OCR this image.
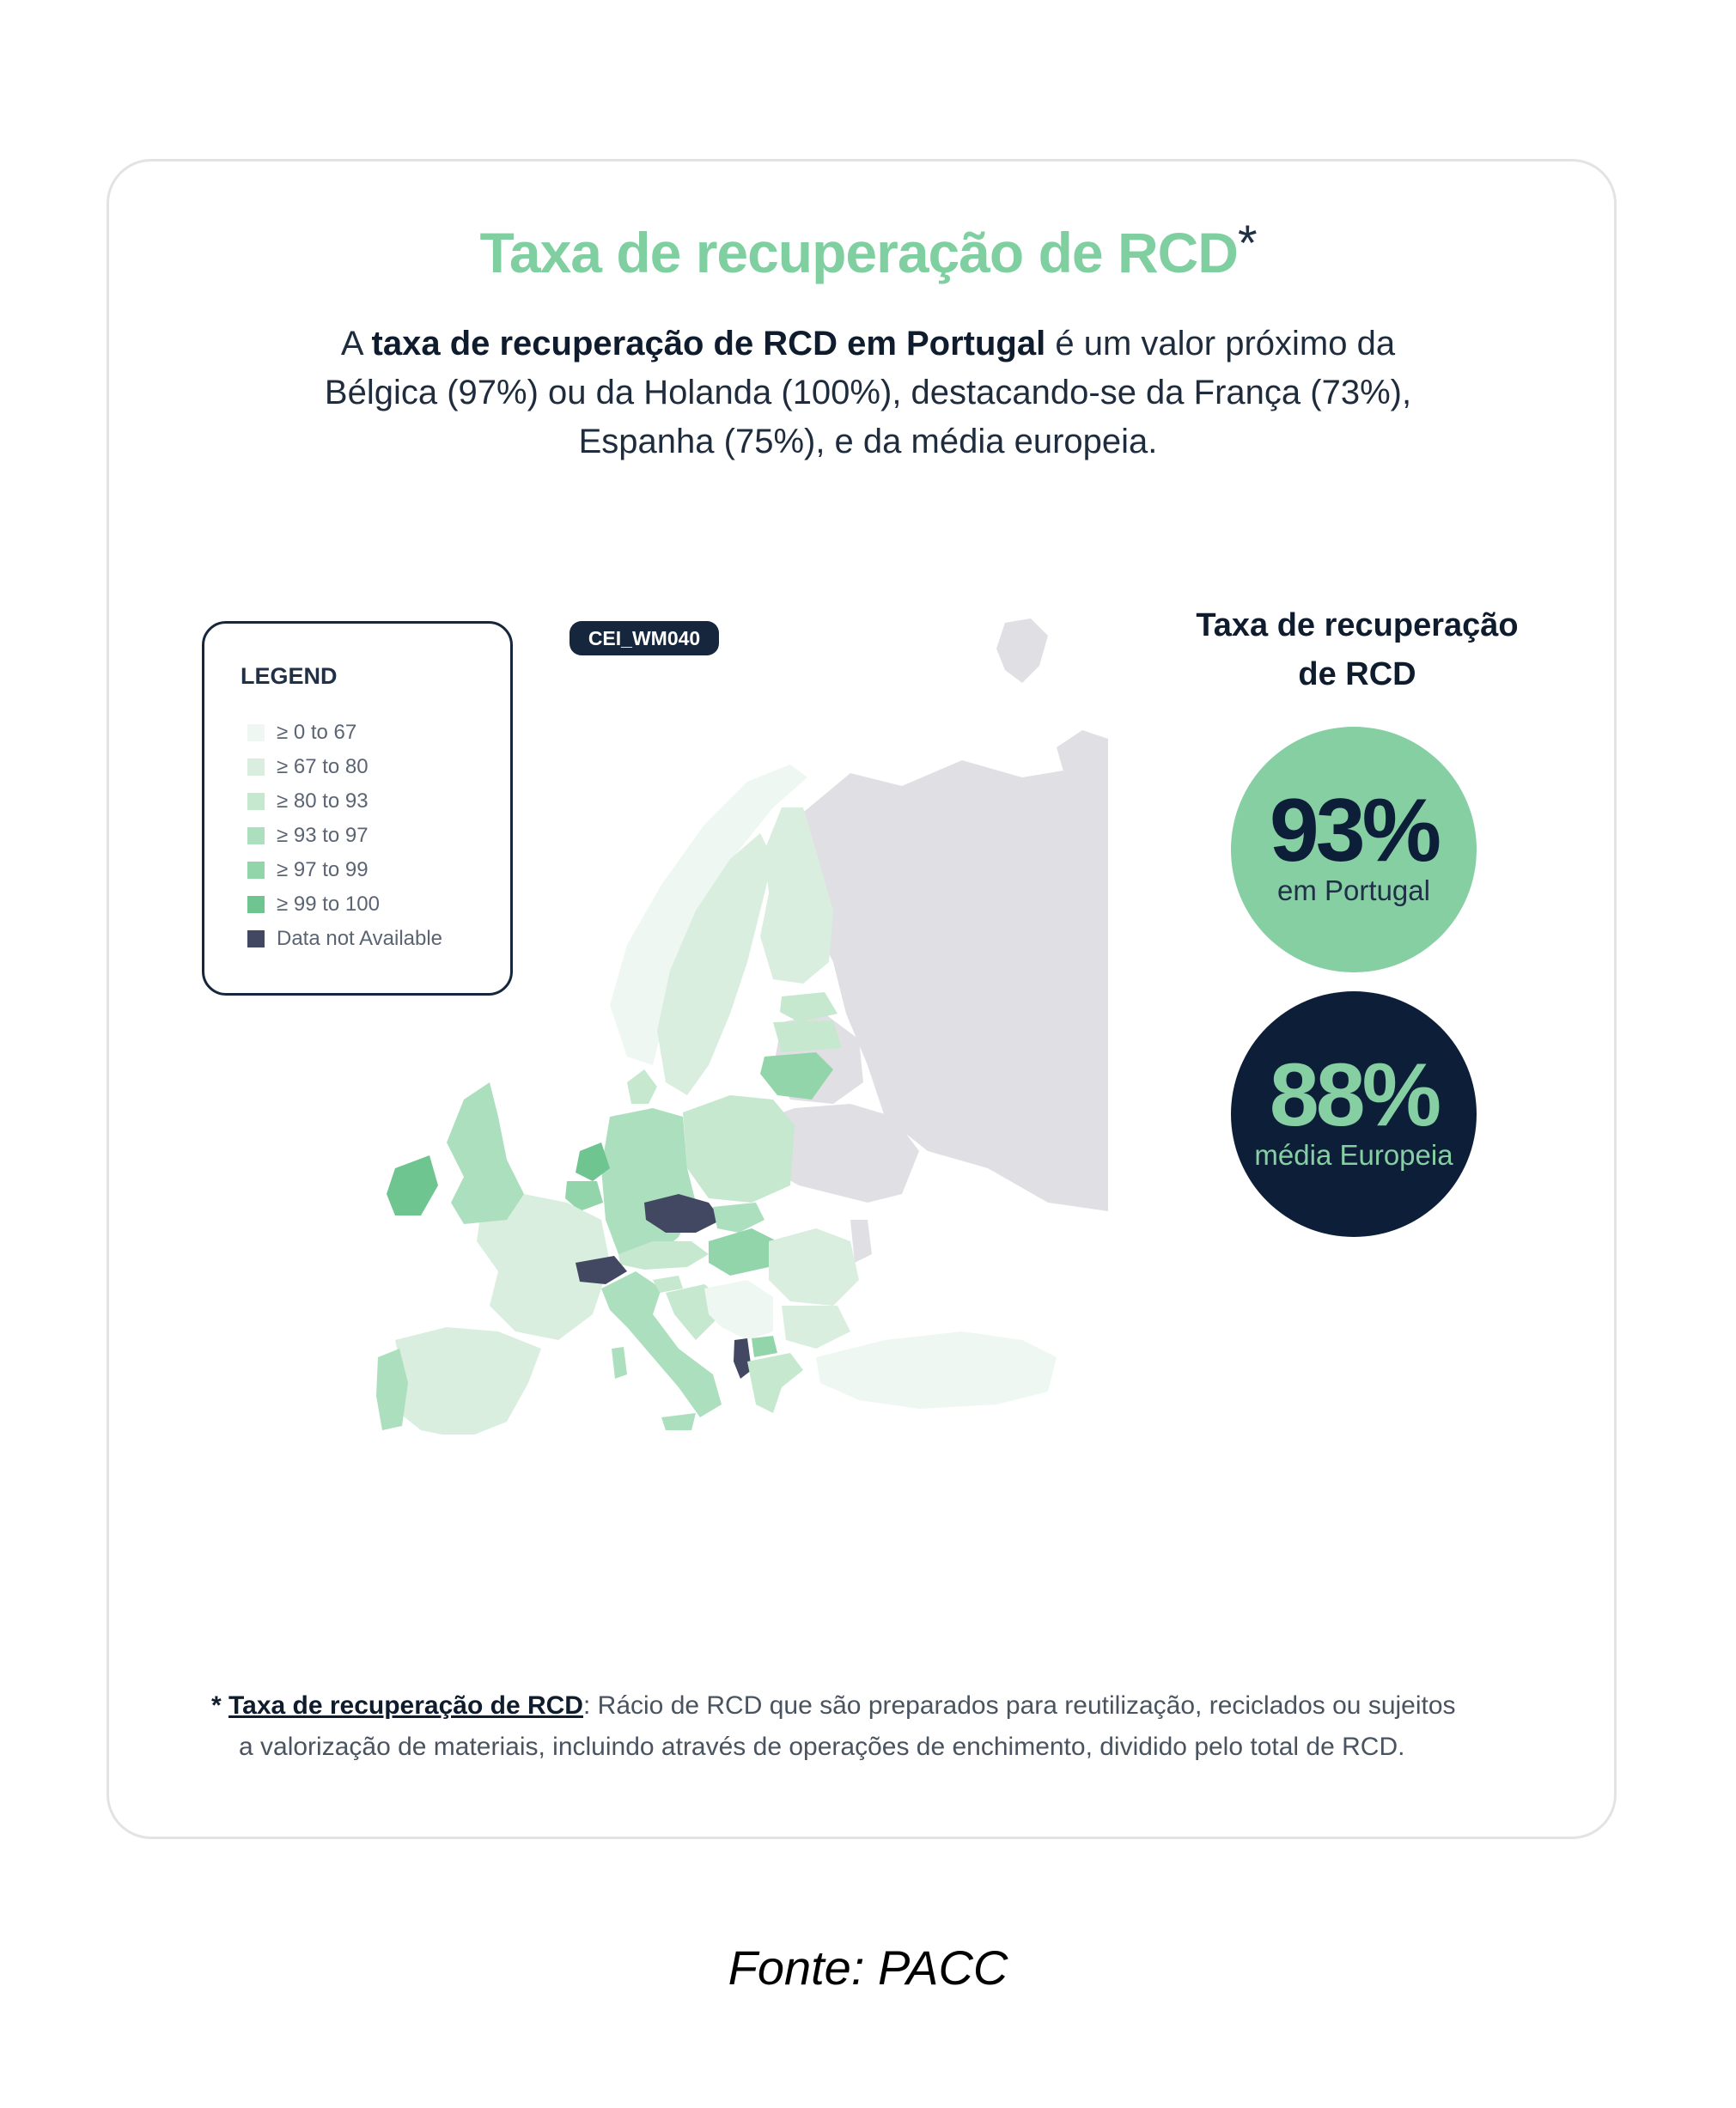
Taxa de recuperação de RCD*
A taxa de recuperação de RCD em Portugal é um valor próximo da Bélgica (97%) ou da Holanda (100%), destacando-se da França (73%), Espanha (75%), e da média europeia.
CEI_WM040
LEGEND
≥ 0 to 67
≥ 67 to 80
≥ 80 to 93
≥ 93 to 97
≥ 97 to 99
≥ 99 to 100
Data not Available
Taxa de recuperação
de RCD
93%
em Portugal
88%
média Europeia
* Taxa de recuperação de RCD: Rácio de RCD que são preparados para reutilização, reciclados ou sujeitos
a valorização de materiais, incluindo através de operações de enchimento, dividido pelo total de RCD.
Fonte: PACC
